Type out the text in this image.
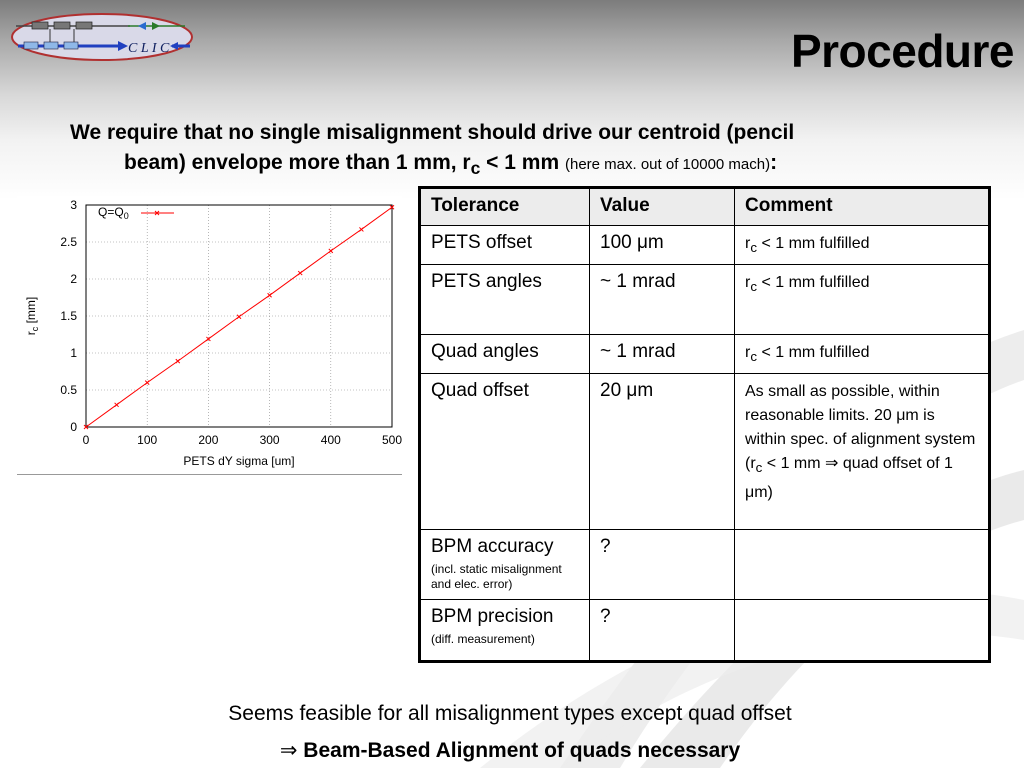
C L I C	Procedure
We require that no single misalignment should drive our centroid (pencil
beam) envelope more than 1 mm, $r_c < 1$ mm (here max. out of 10000 mach):
0	100	200	300	400	500
0
0.5
1
1.5
2
2.5
3
PETS dY sigma [um]
$r_c$ [mm]
$Q=Q_0$	Tolerance	Value	Comment
PETS offset	100 μm	$r_c < 1$ mm fulfilled
PETS angles	~ 1 mrad	$r_c < 1$ mm fulfilled
Quad angles	~ 1 mrad	$r_c < 1$ mm fulfilled
Quad offset	20 μm	As small as possible, within reasonable limits. 20 μm is within spec. of alignment system ($r_c < 1$ mm ⇒ quad offset of 1 μm)
BPM accuracy
(incl. static misalignment and elec. error)	?	
BPM precision
(diff. measurement)	?	
Seems feasible for all misalignment types except quad offset
⇒ Beam-Based Alignment of quads necessary
